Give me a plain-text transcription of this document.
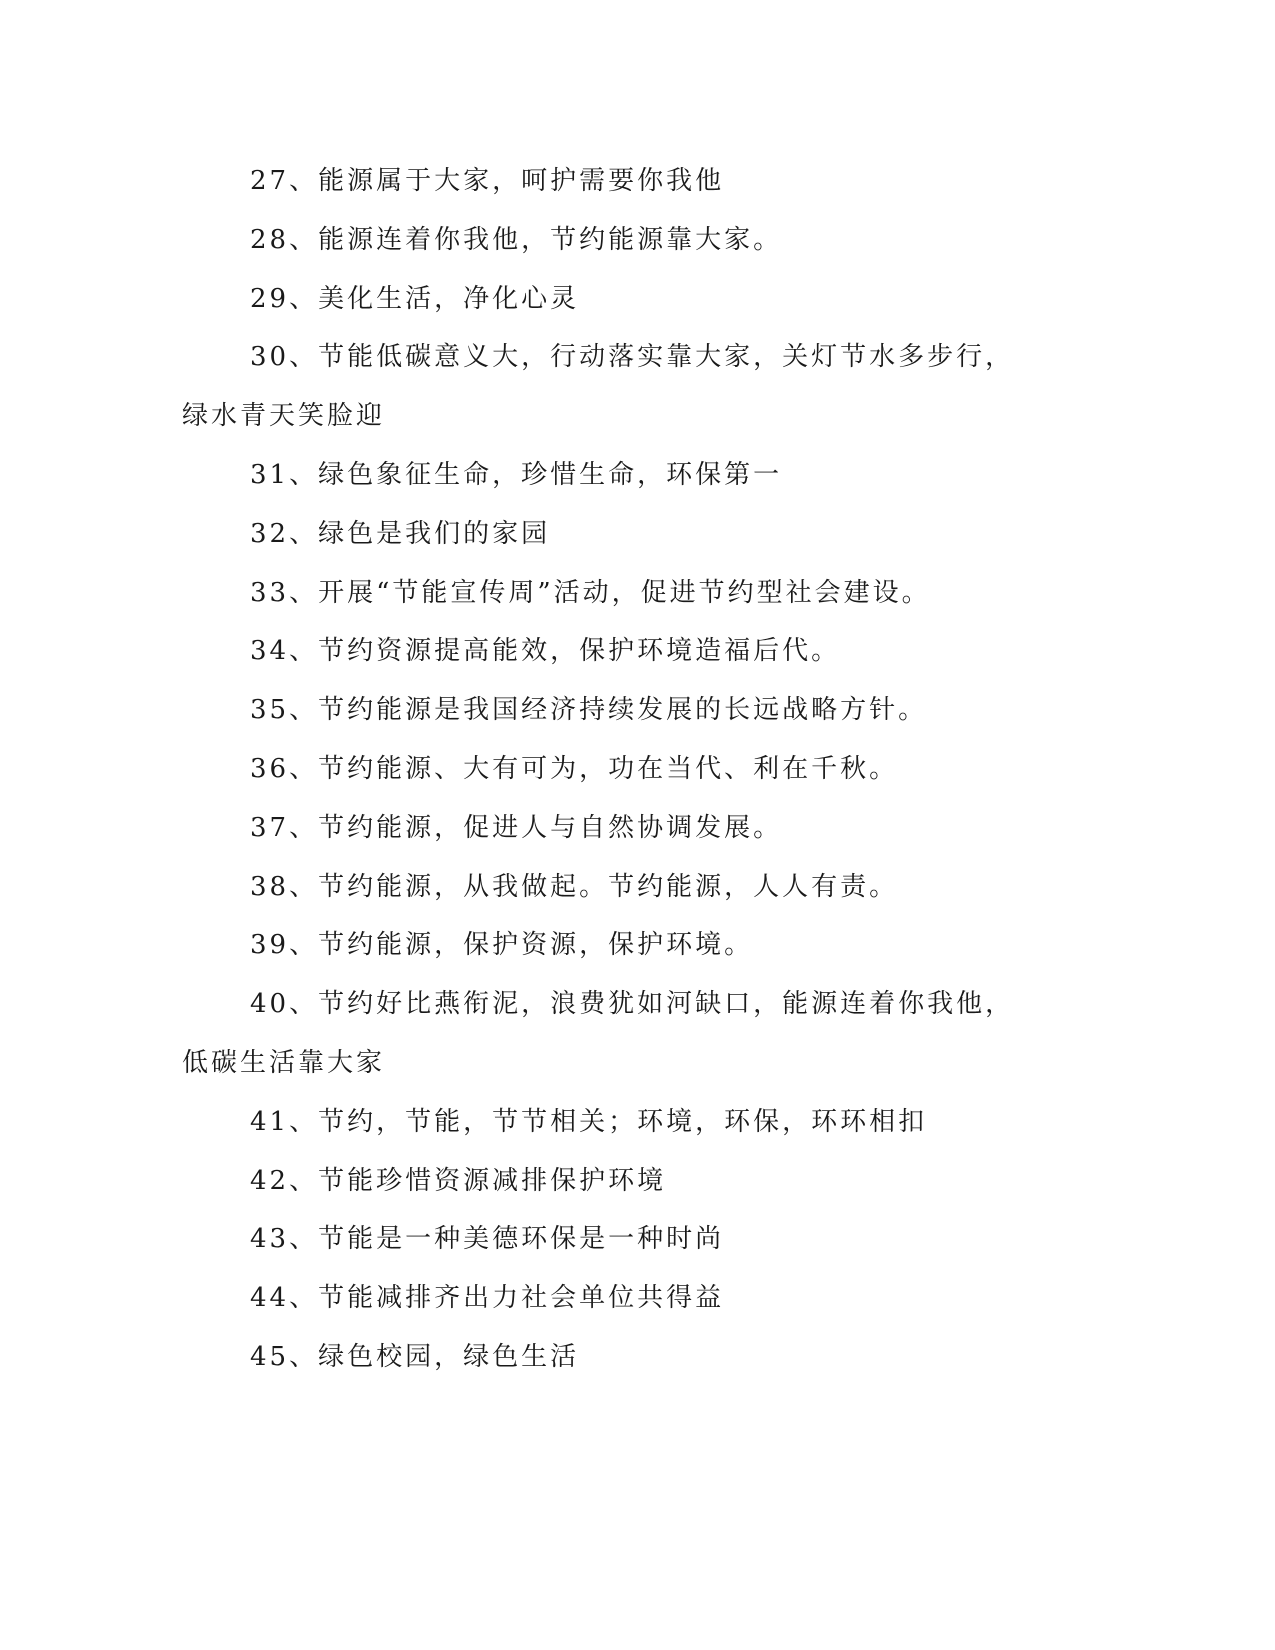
27、能源属于大家，呵护需要你我他

28、能源连着你我他，节约能源靠大家。

29、美化生活，净化心灵

30、节能低碳意义大，行动落实靠大家，关灯节水多步行，绿水青天笑脸迎

31、绿色象征生命，珍惜生命，环保第一

32、绿色是我们的家园

33、开展“节能宣传周”活动，促进节约型社会建设。

34、节约资源提高能效，保护环境造福后代。

35、节约能源是我国经济持续发展的长远战略方针。

36、节约能源、大有可为，功在当代、利在千秋。

37、节约能源，促进人与自然协调发展。

38、节约能源，从我做起。节约能源，人人有责。

39、节约能源，保护资源，保护环境。

40、节约好比燕衔泥，浪费犹如河缺口，能源连着你我他，低碳生活靠大家

41、节约，节能，节节相关；环境，环保，环环相扣

42、节能珍惜资源减排保护环境

43、节能是一种美德环保是一种时尚

44、节能减排齐出力社会单位共得益

45、绿色校园，绿色生活
